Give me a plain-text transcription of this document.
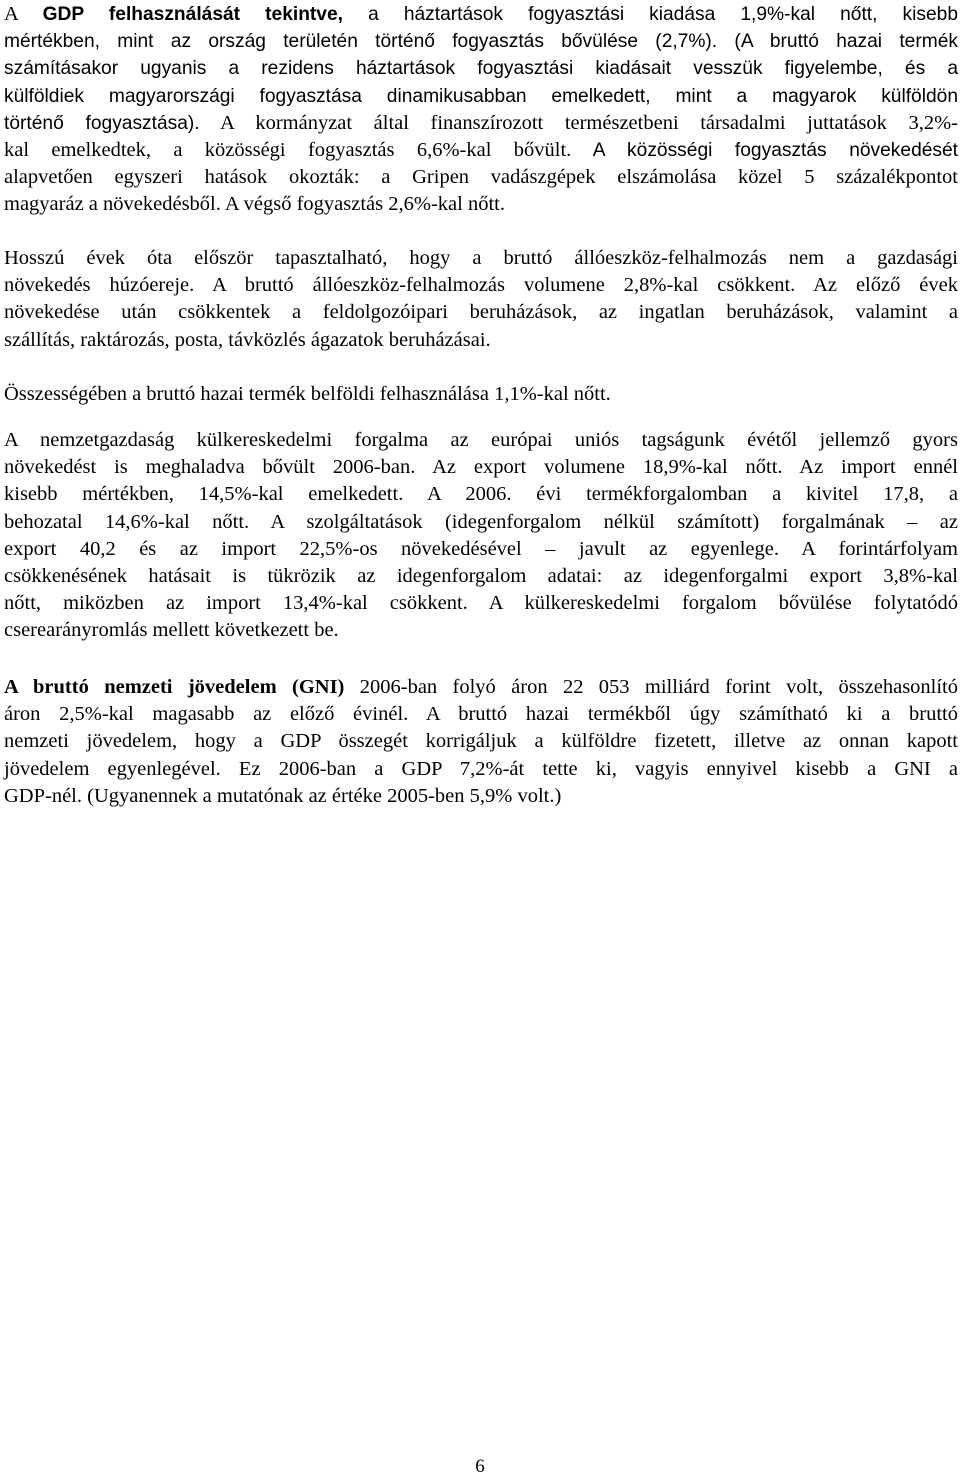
A GDP felhasználását tekintve, a háztartások fogyasztási kiadása 1,9%-kal nőtt, kisebb
mértékben, mint az ország területén történő fogyasztás bővülése (2,7%). (A bruttó hazai termék
számításakor ugyanis a rezidens háztartások fogyasztási kiadásait vesszük figyelembe, és a
külföldiek magyarországi fogyasztása dinamikusabban emelkedett, mint a magyarok külföldön
történő fogyasztása). A kormányzat által finanszírozott természetbeni társadalmi juttatások 3,2%-
kal emelkedtek, a közösségi fogyasztás 6,6%-kal bővült. A közösségi fogyasztás növekedését
alapvetően egyszeri hatások okozták: a Gripen vadászgépek elszámolása közel 5 százalékpontot
magyaráz a növekedésből. A végső fogyasztás 2,6%-kal nőtt.

Hosszú évek óta először tapasztalható, hogy a bruttó állóeszköz-felhalmozás nem a gazdasági
növekedés húzóereje. A bruttó állóeszköz-felhalmozás volumene 2,8%-kal csökkent. Az előző évek
növekedése után csökkentek a feldolgozóipari beruházások, az ingatlan beruházások, valamint a
szállítás, raktározás, posta, távközlés ágazatok beruházásai.

Összességében a bruttó hazai termék belföldi felhasználása 1,1%-kal nőtt.

A nemzetgazdaság külkereskedelmi forgalma az európai uniós tagságunk évétől jellemző gyors
növekedést is meghaladva bővült 2006-ban. Az export volumene 18,9%-kal nőtt. Az import ennél
kisebb mértékben, 14,5%-kal emelkedett. A 2006. évi termékforgalomban a kivitel 17,8, a
behozatal 14,6%-kal nőtt. A szolgáltatások (idegenforgalom nélkül számított) forgalmának – az
export 40,2 és az import 22,5%-os növekedésével – javult az egyenlege. A forintárfolyam
csökkenésének hatásait is tükrözik az idegenforgalom adatai: az idegenforgalmi export 3,8%-kal
nőtt, miközben az import 13,4%-kal csökkent. A külkereskedelmi forgalom bővülése folytatódó
cserearányromlás mellett következett be.

A bruttó nemzeti jövedelem (GNI) 2006-ban folyó áron 22 053 milliárd forint volt, összehasonlító
áron 2,5%-kal magasabb az előző évinél. A bruttó hazai termékből úgy számítható ki a bruttó
nemzeti jövedelem, hogy a GDP összegét korrigáljuk a külföldre fizetett, illetve az onnan kapott
jövedelem egyenlegével. Ez 2006-ban a GDP 7,2%-át tette ki, vagyis ennyivel kisebb a GNI a
GDP-nél. (Ugyanennek a mutatónak az értéke 2005-ben 5,9% volt.)

6
